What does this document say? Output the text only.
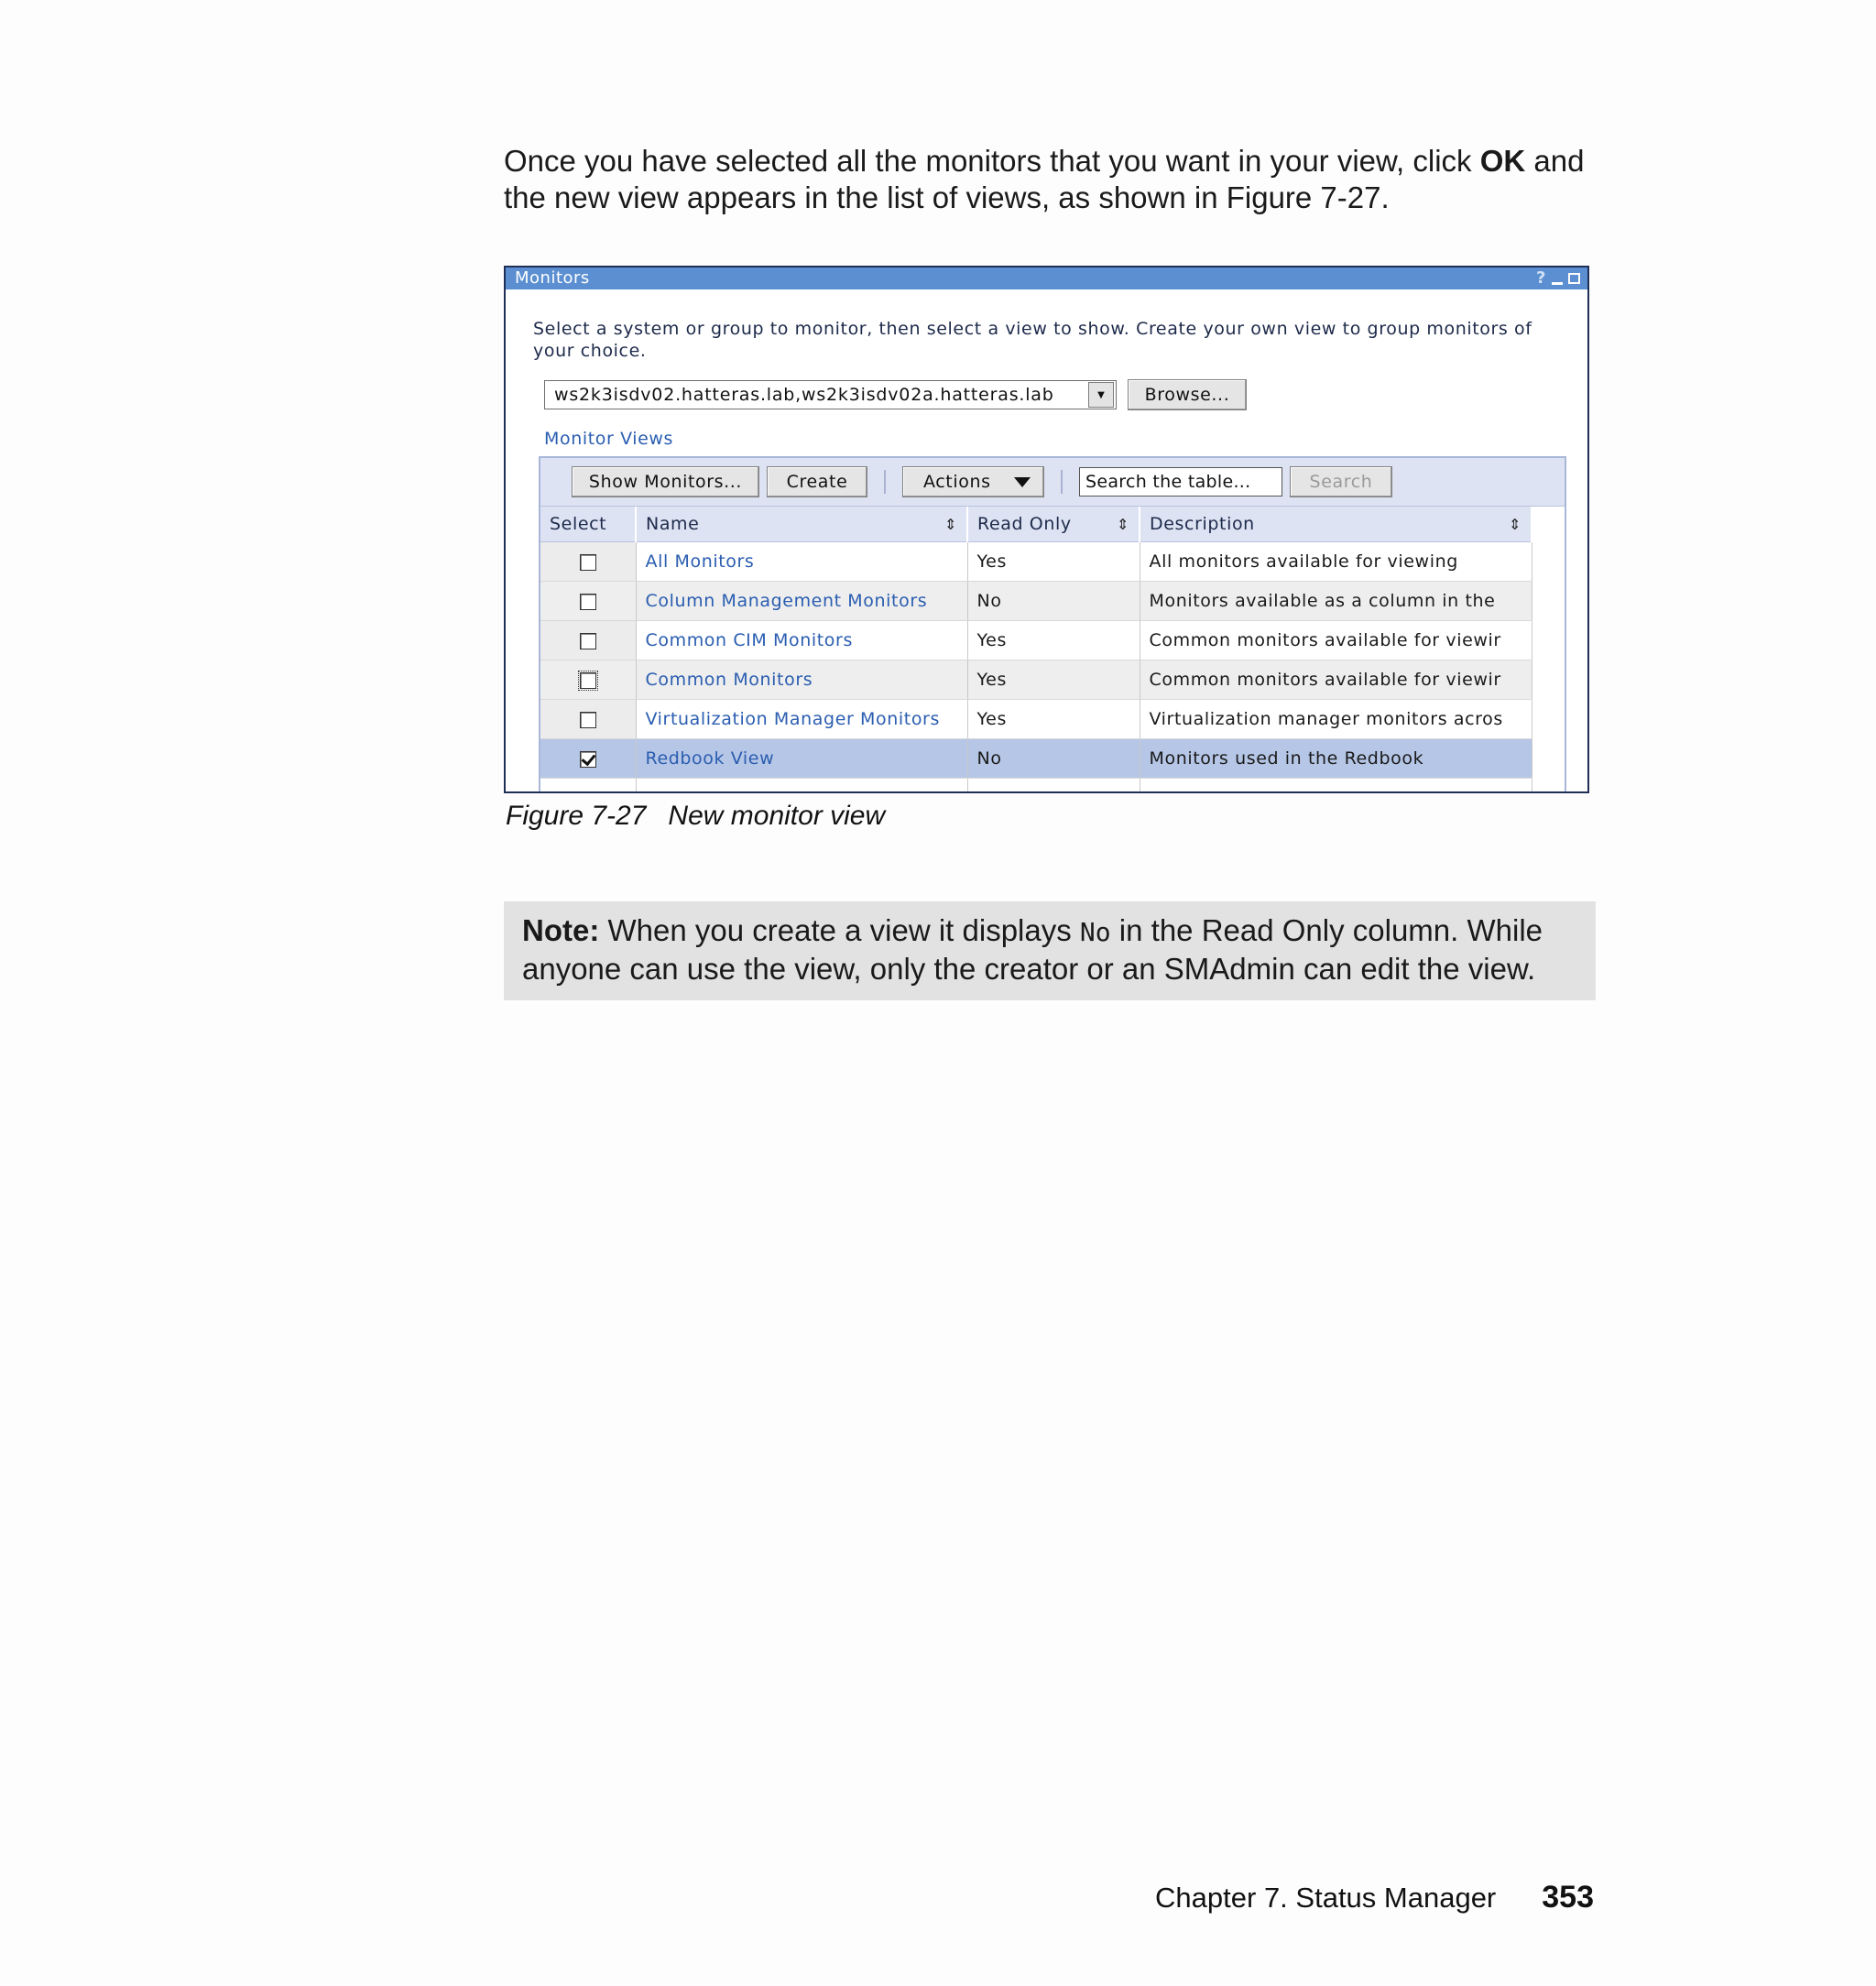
Once you have selected all the monitors that you want in your view, click OK and the new view appears in the list of views, as shown in Figure 7-27.

Monitors	?
Select a system or group to monitor, then select a view to show. Create your own view to group monitors of your choice.
ws2k3isdv02.hatteras.lab,ws2k3isdv02a.hatteras.lab	▼	Browse...
Monitor Views
Show Monitors...	Create	Actions	Search the table...	Search
Select	Name ⇕	Read Only ⇕	Description ⇕

	All Monitors	Yes	All monitors available for viewing
	Column Management Monitors	No	Monitors available as a column in the
	Common CIM Monitors	Yes	Common monitors available for viewir
	Common Monitors	Yes	Common monitors available for viewir
	Virtualization Manager Monitors	Yes	Virtualization manager monitors acros
	Redbook View	No	Monitors used in the Redbook

Figure 7-27 New monitor view
Note: When you create a view it displays No in the Read Only column. While anyone can use the view, only the creator or an SMAdmin can edit the view.
Chapter 7. Status Manager 353
